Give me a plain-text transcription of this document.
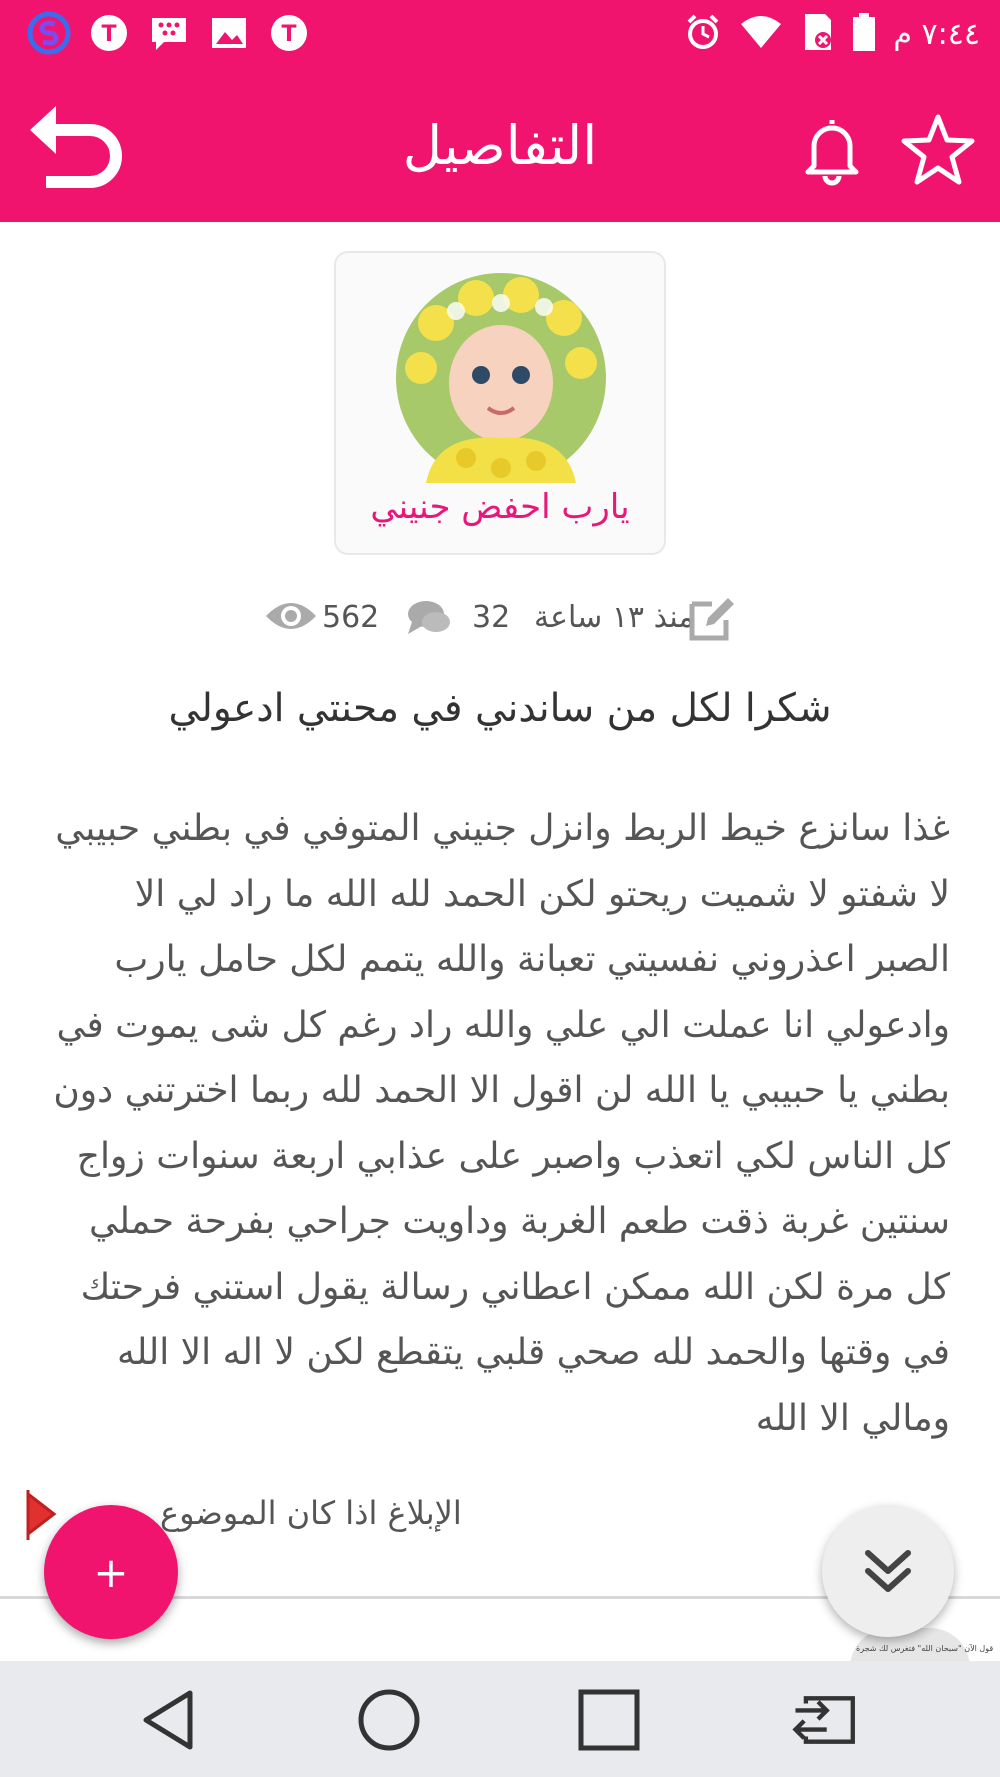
T	T	٧:٤٤ م
التفاصيل
يارب احفض جنيني
562	32 منذ ١٣ ساعة
شكرا لكل من ساندني في محنتي ادعولي
غذا سانزع خيط الربط وانزل جنيني المتوفي في بطني حبيبي لا شفتو لا شميت ريحتو لكن الحمد لله الله ما راد لي الا الصبر اعذروني نفسيتي تعبانة والله يتمم لكل حامل يارب وادعولي انا عملت الي علي والله راد رغم كل شى يموت في بطني يا حبيبي يا الله لن اقول الا الحمد لله ربما اخترتني دون كل الناس لكي اتعذب واصبر على عذابي اربعة سنوات زواج سنتين غربة ذقت طعم الغربة وداويت جراحي بفرحة حملي كل مرة لكن الله ممكن اعطاني رسالة يقول استني فرحتك في وقتها والحمد لله صحي قلبي يتقطع لكن لا اله الا الله ومالي الا الله
الإبلاغ اذا كان الموضوع
قول الآن "سبحان الله" فتغرس لك شجرة
+
